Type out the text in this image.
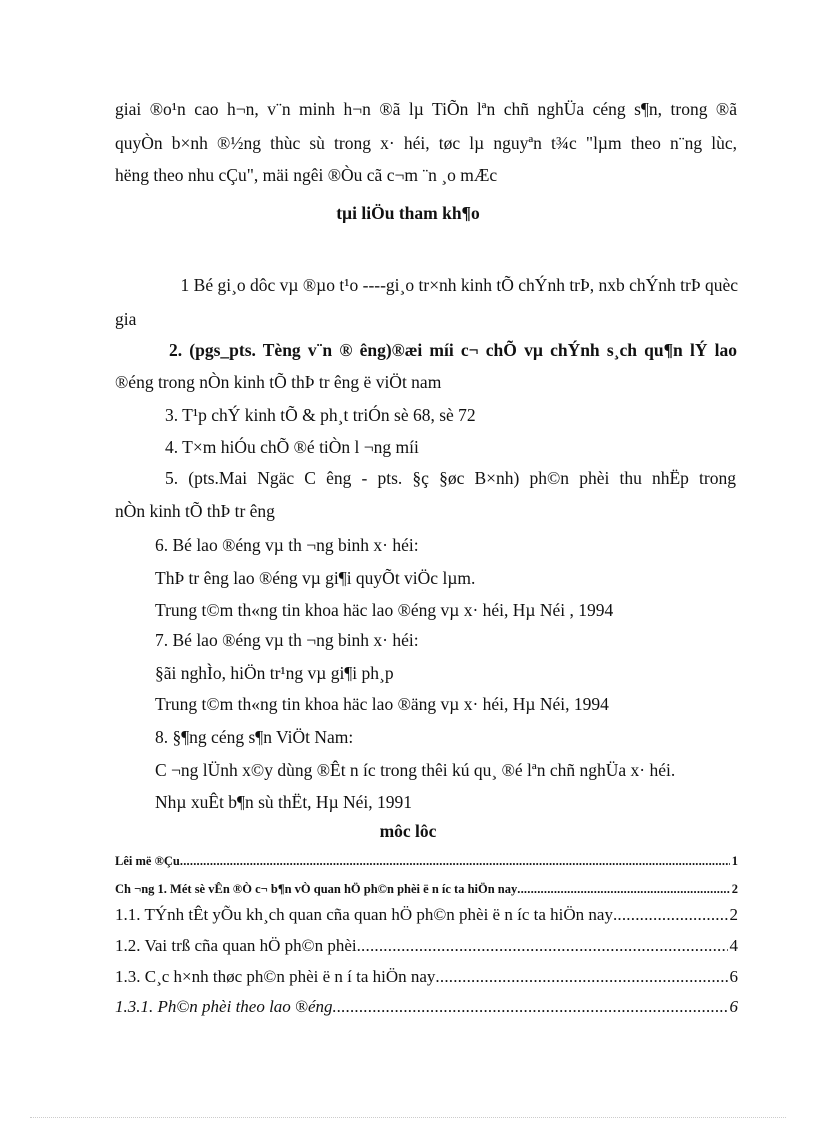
giai ®o¹n cao h¬n, v¨n minh h¬n ®ã lµ TiÕn lªn chñ nghÜa céng s¶n, trong ®ã
quyÒn b×nh ®½ng thùc sù trong x· héi, tøc lµ nguyªn t¾c "lµm theo n¨ng lùc,
hëng theo nhu cÇu", mäi ngêi ®Òu cã c¬m ¨n ¸o mÆc
tµi liÖu tham kh¶o
1 Bé gi¸o dôc vµ ®µo t¹o ----gi¸o tr×nh kinh tÕ chÝnh trÞ, nxb chÝnh trÞ quèc
gia
2. (pgs_pts. Tèng v¨n ® êng)®æi míi c¬ chÕ vµ chÝnh s¸ch qu¶n lÝ lao
®éng trong nÒn kinh tÕ thÞ tr êng ë viÖt nam
3. T¹p chÝ kinh tÕ & ph¸t triÓn sè 68, sè 72
4. T×m hiÓu chÕ ®é tiÒn l ¬ng míi
5. (pts.Mai Ngäc C êng - pts. §ç §øc B×nh) ph©n phèi thu nhËp trong
nÒn kinh tÕ thÞ tr êng
6. Bé lao ®éng vµ th ¬ng binh x· héi:
ThÞ tr êng lao ®éng vµ gi¶i quyÕt viÖc lµm.
Trung t©m th«ng tin khoa häc lao ®éng vµ x· héi, Hµ Néi , 1994
7. Bé lao ®éng vµ th ¬ng binh x· héi:
§ãi nghÌo, hiÖn tr¹ng vµ gi¶i ph¸p
Trung t©m th«ng tin khoa häc lao ®äng vµ x· héi, Hµ Néi, 1994
8. §¶ng céng s¶n ViÖt Nam:
C ¬ng lÜnh x©y dùng ®Êt n íc trong thêi kú qu¸ ®é lªn chñ nghÜa x· héi.
Nhµ xuÊt b¶n sù thËt, Hµ Néi, 1991
môc lôc
Lêi më ®Çu .....	1
Ch ¬ng 1. Mét sè vÊn ®Ò c¬ b¶n vÒ quan hÖ ph©n phèi ë n íc ta hiÖn nay .....	2
1.1. TÝnh tÊt yÕu kh¸ch quan cña quan hÖ ph©n phèi ë n íc ta hiÖn nay .....	2
1.2. Vai trß cña quan hÖ ph©n phèi .....	4
1.3. C¸c h×nh thøc ph©n phèi ë n í ta hiÖn nay .....	6
1.3.1. Ph©n phèi theo lao ®éng .....	6
